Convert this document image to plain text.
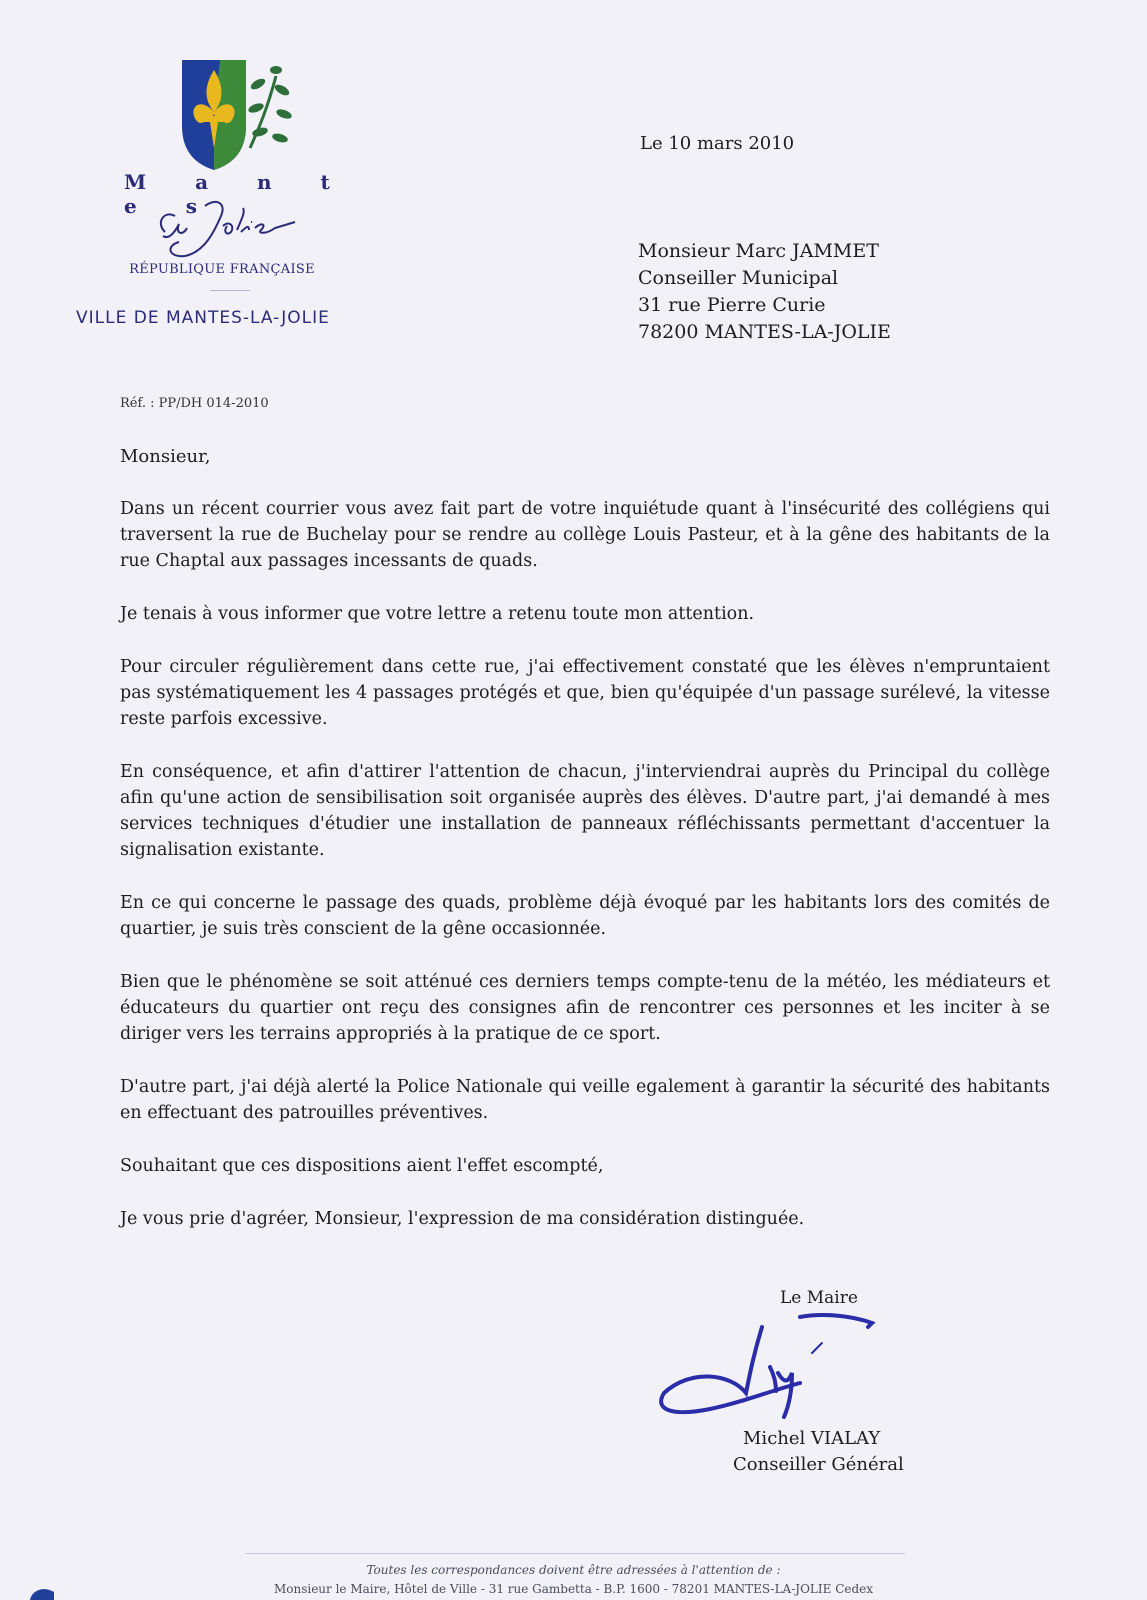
M a n t e s
RÉPUBLIQUE FRANÇAISE
VILLE DE MANTES-LA-JOLIE
Le 10 mars 2010
Monsieur Marc JAMMET
Conseiller Municipal
31 rue Pierre Curie
78200 MANTES-LA-JOLIE
Réf. : PP/DH 014-2010
Monsieur,

Dans un récent courrier vous avez fait part de votre inquiétude quant à l'insécurité des collégiens qui traversent la rue de Buchelay pour se rendre au collège Louis Pasteur, et à la gêne des habitants de la rue Chaptal aux passages incessants de quads.

Je tenais à vous informer que votre lettre a retenu toute mon attention.

Pour circuler régulièrement dans cette rue, j'ai effectivement constaté que les élèves n'empruntaient pas systématiquement les 4 passages protégés et que, bien qu'équipée d'un passage surélevé, la vitesse reste parfois excessive.

En conséquence, et afin d'attirer l'attention de chacun, j'interviendrai auprès du Principal du collège afin qu'une action de sensibilisation soit organisée auprès des élèves. D'autre part, j'ai demandé à mes services techniques d'étudier une installation de panneaux réfléchissants permettant d'accentuer la signalisation existante.

En ce qui concerne le passage des quads, problème déjà évoqué par les habitants lors des comités de quartier, je suis très conscient de la gêne occasionnée.

Bien que le phénomène se soit atténué ces derniers temps compte-tenu de la météo, les médiateurs et éducateurs du quartier ont reçu des consignes afin de rencontrer ces personnes et les inciter à se diriger vers les terrains appropriés à la pratique de ce sport.

D'autre part, j'ai déjà alerté la Police Nationale qui veille egalement à garantir la sécurité des habitants en effectuant des patrouilles préventives.

Souhaitant que ces dispositions aient l'effet escompté,

Je vous prie d'agréer, Monsieur, l'expression de ma considération distinguée.

Le Maire
Michel VIALAY
Conseiller Général
Toutes les correspondances doivent être adressées à l'attention de :
Monsieur le Maire, Hôtel de Ville - 31 rue Gambetta - B.P. 1600 - 78201 MANTES-LA-JOLIE Cedex
